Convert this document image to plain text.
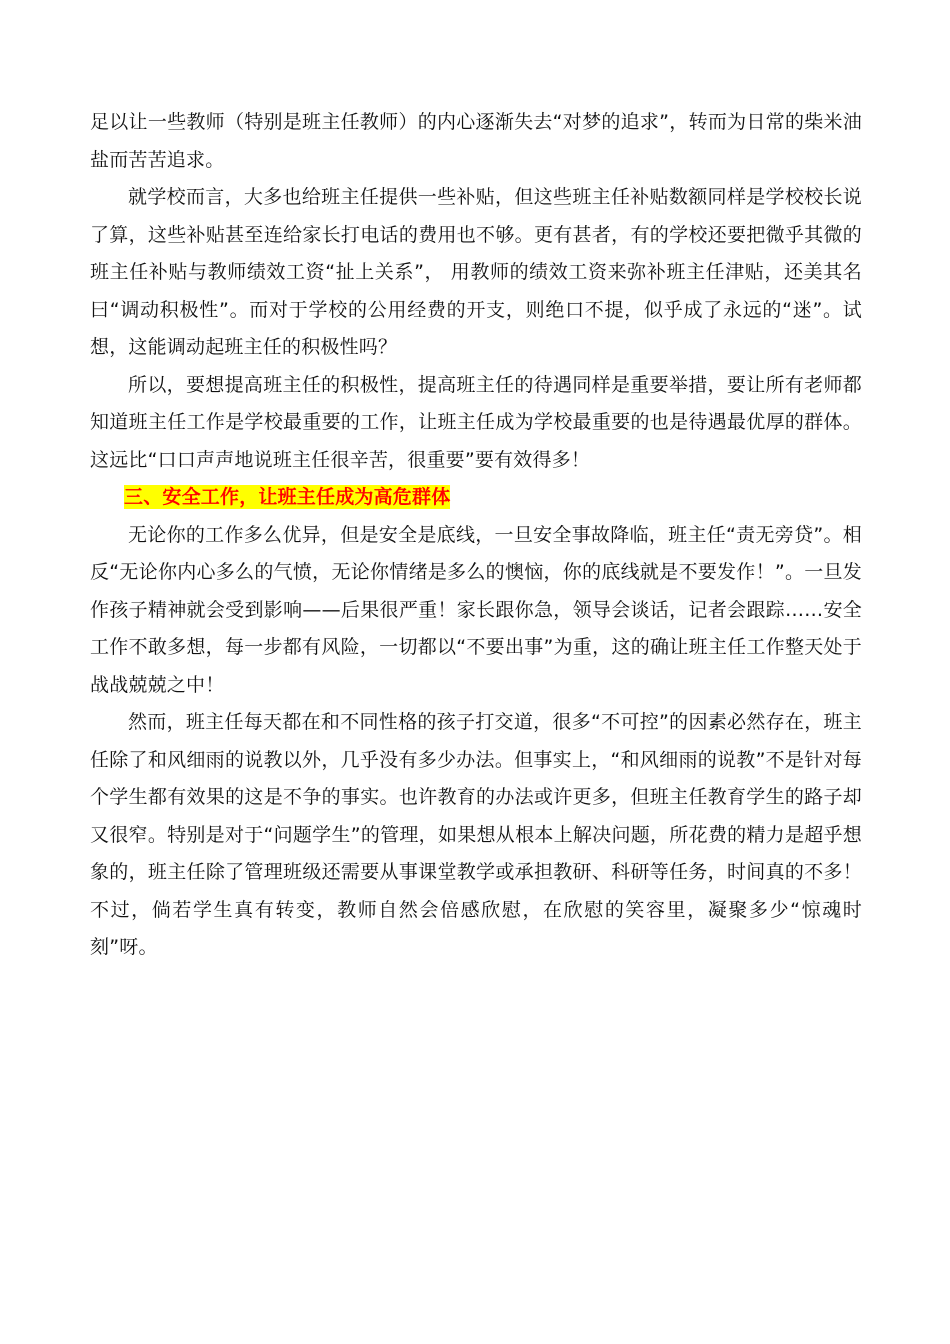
足以让一些教师（特别是班主任教师）的内心逐渐失去“对梦的追求”，转而为日常的柴米油盐而苦苦追求。

就学校而言，大多也给班主任提供一些补贴，但这些班主任补贴数额同样是学校校长说了算，这些补贴甚至连给家长打电话的费用也不够。更有甚者，有的学校还要把微乎其微的班主任补贴与教师绩效工资“扯上关系”， 用教师的绩效工资来弥补班主任津贴，还美其名曰“调动积极性”。而对于学校的公用经费的开支，则绝口不提，似乎成了永远的“迷”。试想，这能调动起班主任的积极性吗？

所以，要想提高班主任的积极性，提高班主任的待遇同样是重要举措，要让所有老师都知道班主任工作是学校最重要的工作，让班主任成为学校最重要的也是待遇最优厚的群体。这远比“口口声声地说班主任很辛苦，很重要”要有效得多！

三、安全工作，让班主任成为高危群体

无论你的工作多么优异，但是安全是底线，一旦安全事故降临，班主任“责无旁贷”。相反“无论你内心多么的气愤，无论你情绪是多么的懊恼，你的底线就是不要发作！”。一旦发作孩子精神就会受到影响——后果很严重！家长跟你急，领导会谈话，记者会跟踪……安全工作不敢多想，每一步都有风险，一切都以“不要出事”为重，这的确让班主任工作整天处于战战兢兢之中！

然而，班主任每天都在和不同性格的孩子打交道，很多“不可控”的因素必然存在，班主任除了和风细雨的说教以外，几乎没有多少办法。但事实上，“和风细雨的说教”不是针对每个学生都有效果的这是不争的事实。也许教育的办法或许更多，但班主任教育学生的路子却又很窄。特别是对于“问题学生”的管理，如果想从根本上解决问题，所花费的精力是超乎想象的，班主任除了管理班级还需要从事课堂教学或承担教研、科研等任务，时间真的不多！不过，倘若学生真有转变，教师自然会倍感欣慰，在欣慰的笑容里，凝聚多少“惊魂时刻”呀。
